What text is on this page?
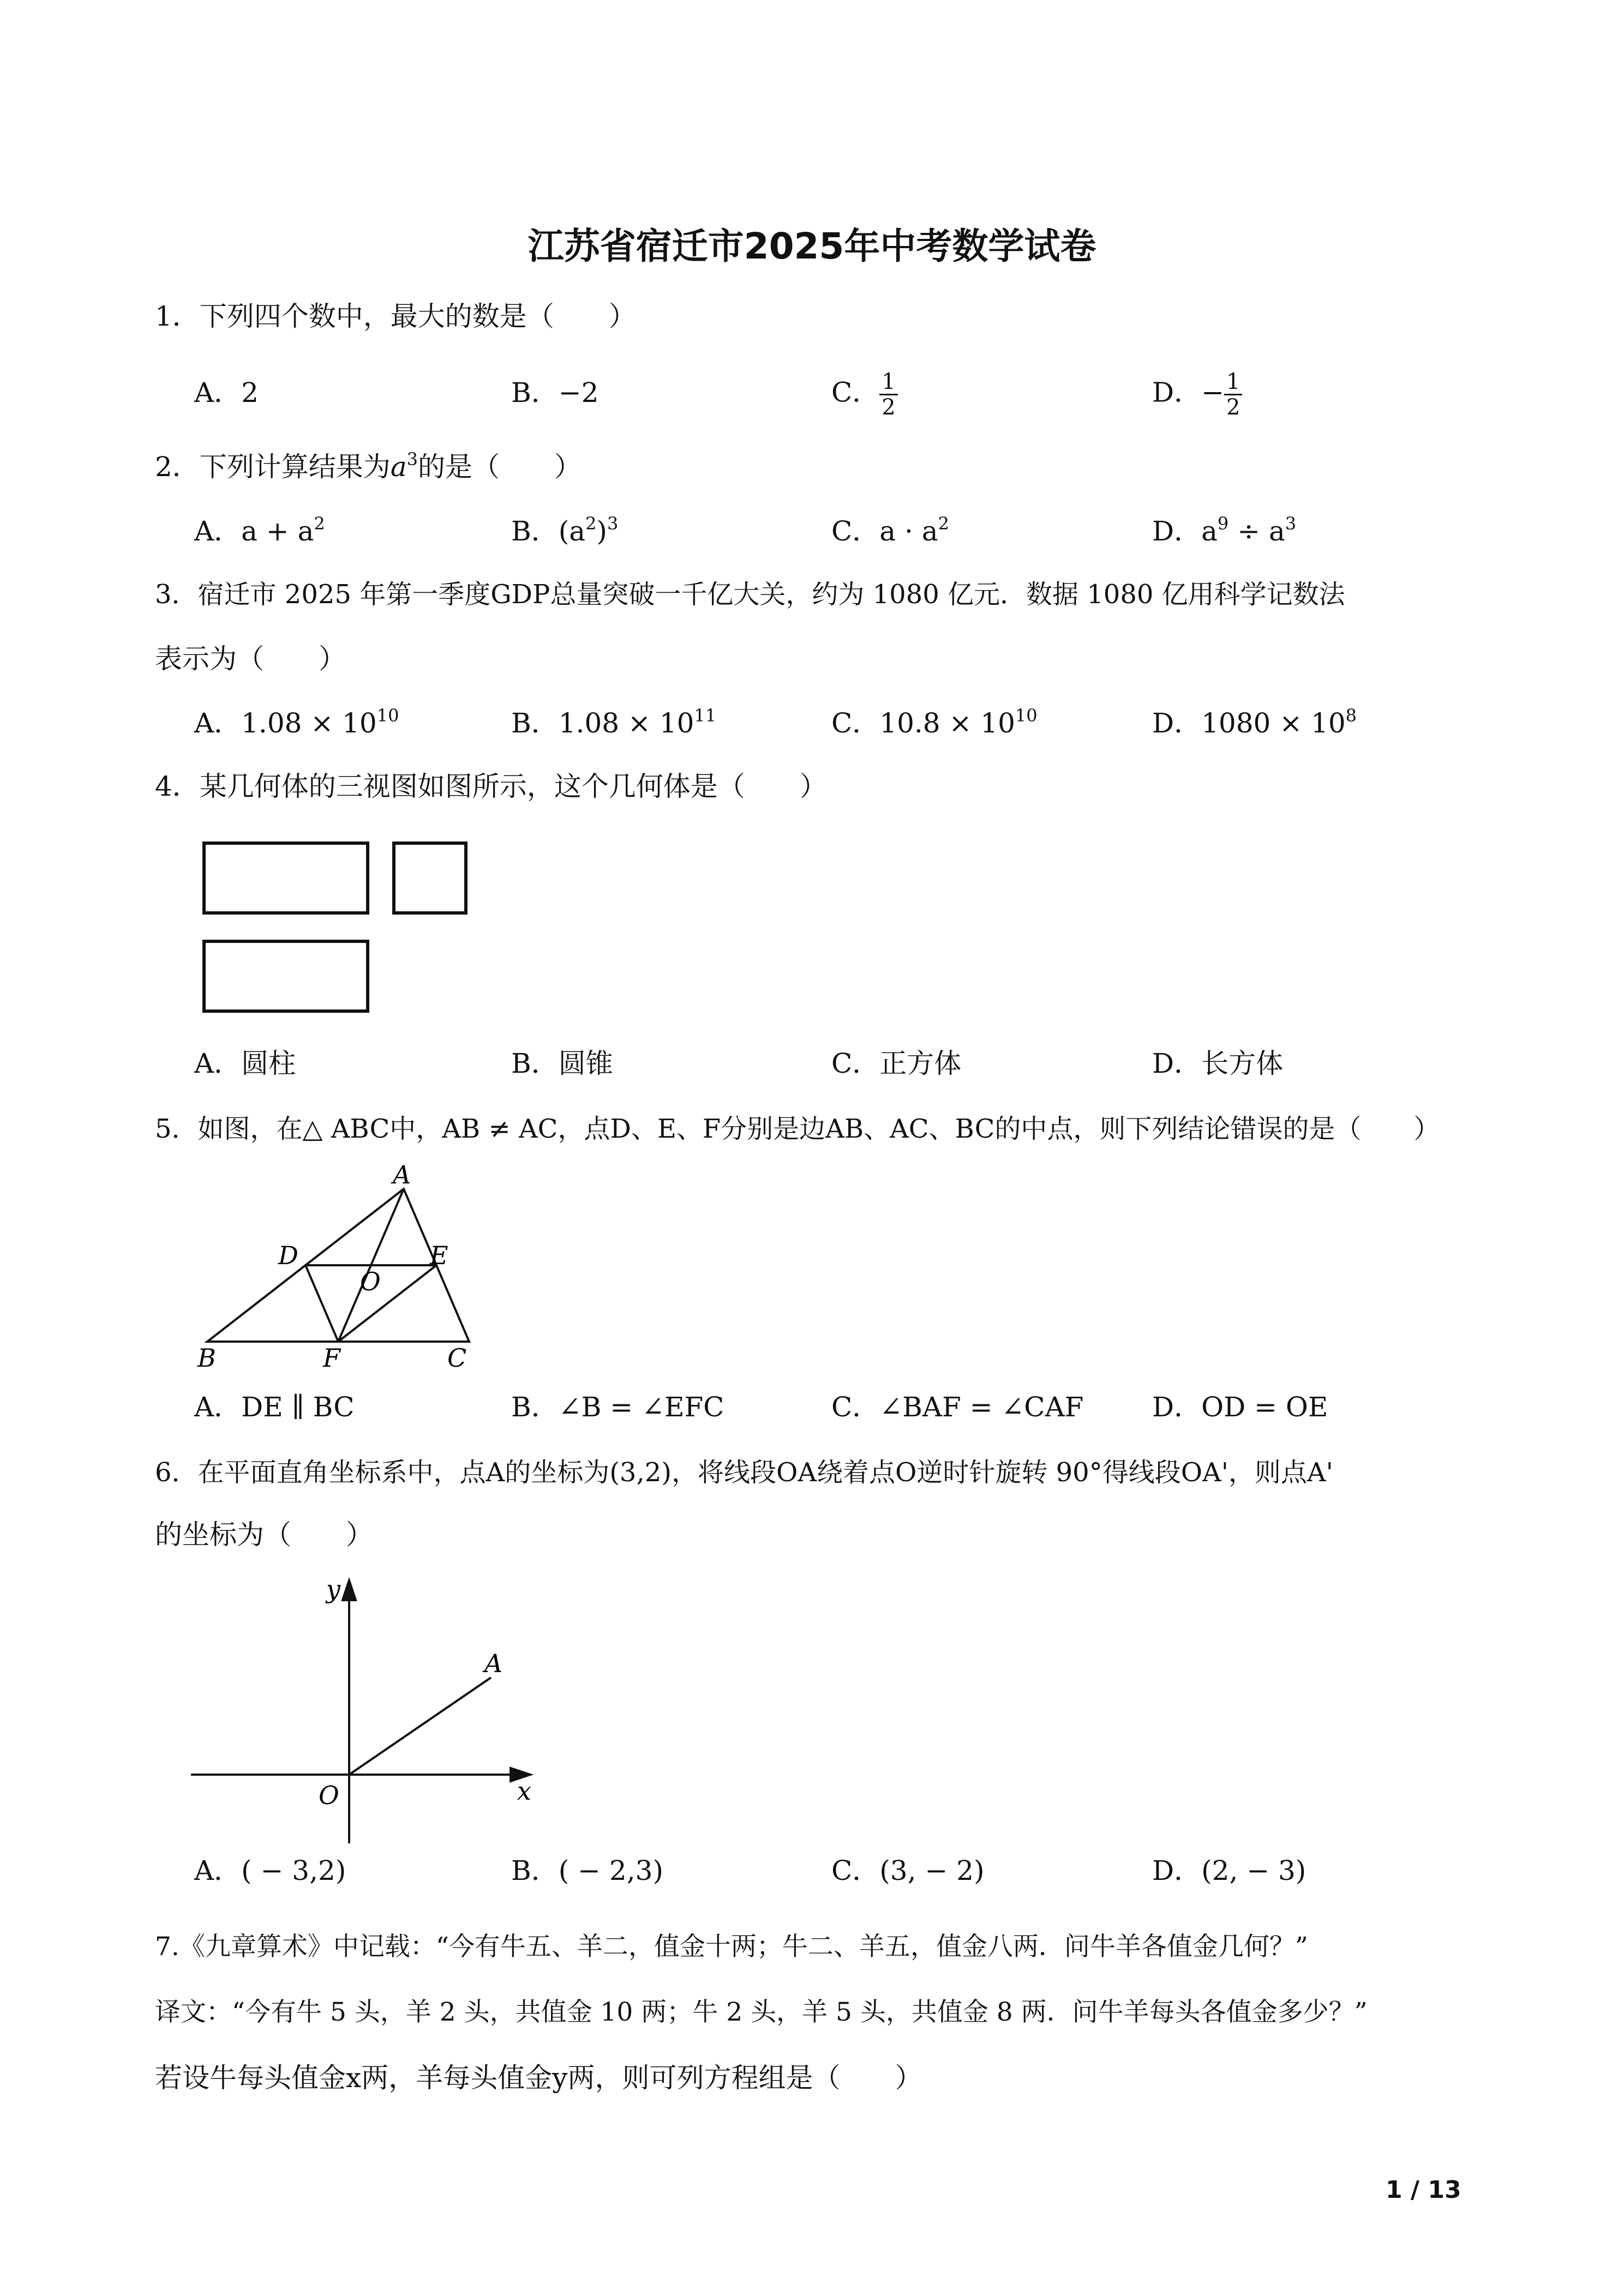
江苏省宿迁市2025年中考数学试卷
1．下列四个数中，最大的数是（　　）
A．2	B．−2	C． $\frac{1}{2}$	D．− $\frac{1}{2}$
2．下列计算结果为$a^3$的是（　　）
A．$a + a^2$	B．$(a^2)^3$	C．$a \cdot a^2$	D．$a^9 \div a^3$
3．宿迁市 2025 年第一季度GDP总量突破一千亿大关，约为 1080 亿元．数据 1080 亿用科学记数法
表示为（　　）
A．$1.08 \times 10^{10}$	B．$1.08 \times 10^{11}$	C．$10.8 \times 10^{10}$	D．$1080 \times 10^8$
4．某几何体的三视图如图所示，这个几何体是（　　）
A．圆柱	B．圆锥	C．正方体	D．长方体
5．如图，在△ ABC中，AB ≠ AC，点D、E、F分别是边AB、AC、BC的中点，则下列结论错误的是（　　）
A
B	C
D	E
F
O
A．DE ∥ BC	B．∠B = ∠EFC	C．∠BAF = ∠CAF	D．OD = OE
6．在平面直角坐标系中，点A的坐标为(3,2)，将线段OA绕着点O逆时针旋转 90°得线段OA'，则点A'
的坐标为（　　）
y
x
O
A
A．( − 3,2)	B．( − 2,3)	C．(3, − 2)	D．(2, − 3)
7.《九章算术》中记载：“今有牛五、羊二，值金十两；牛二、羊五，值金八两．问牛羊各值金几何？”
译文：“今有牛 5 头，羊 2 头，共值金 10 两；牛 2 头，羊 5 头，共值金 8 两．问牛羊每头各值金多少？”
若设牛每头值金x两，羊每头值金y两，则可列方程组是（　　）
1 / 13
